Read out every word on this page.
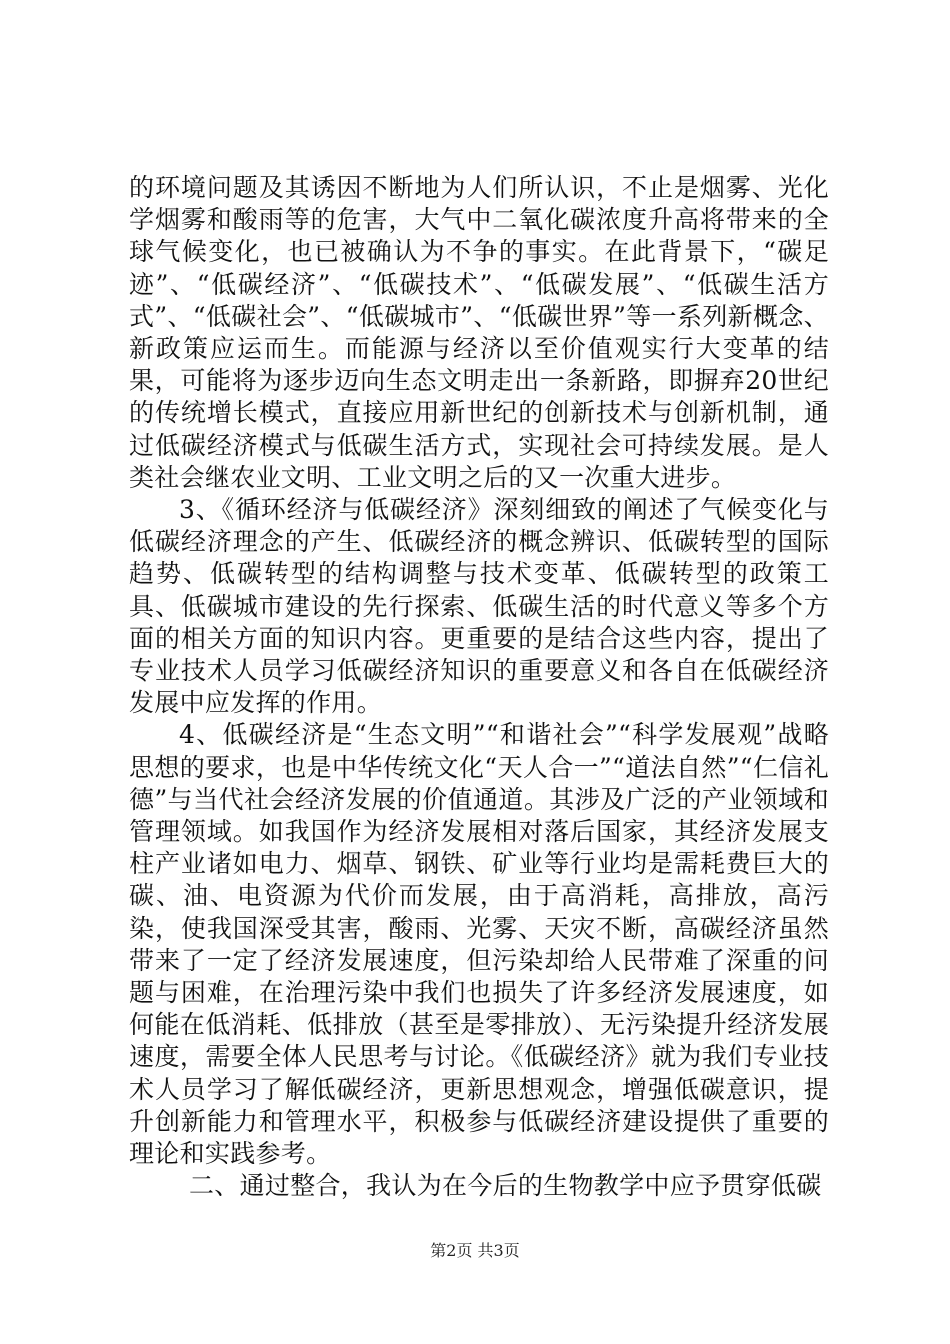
的环境问题及其诱因不断地为人们所认识，不止是烟雾、光化学烟雾和酸雨等的危害，大气中二氧化碳浓度升高将带来的全球气候变化，也已被确认为不争的事实。在此背景下，“碳足迹”、“低碳经济”、“低碳技术”、“低碳发展”、“低碳生活方式”、“低碳社会”、“低碳城市”、“低碳世界”等一系列新概念、新政策应运而生。而能源与经济以至价值观实行大变革的结果，可能将为逐步迈向生态文明走出一条新路，即摒弃20世纪的传统增长模式，直接应用新世纪的创新技术与创新机制，通过低碳经济模式与低碳生活方式，实现社会可持续发展。是人类社会继农业文明、工业文明之后的又一次重大进步。

3、《循环经济与低碳经济》深刻细致的阐述了气候变化与低碳经济理念的产生、低碳经济的概念辨识、低碳转型的国际趋势、低碳转型的结构调整与技术变革、低碳转型的政策工具、低碳城市建设的先行探索、低碳生活的时代意义等多个方面的相关方面的知识内容。更重要的是结合这些内容，提出了专业技术人员学习低碳经济知识的重要意义和各自在低碳经济发展中应发挥的作用。

4、低碳经济是“生态文明”“和谐社会”“科学发展观”战略思想的要求，也是中华传统文化“天人合一”“道法自然”“仁信礼德”与当代社会经济发展的价值通道。其涉及广泛的产业领域和管理领域。如我国作为经济发展相对落后国家，其经济发展支柱产业诸如电力、烟草、钢铁、矿业等行业均是需耗费巨大的碳、油、电资源为代价而发展，由于高消耗，高排放，高污染，使我国深受其害，酸雨、光雾、天灾不断，高碳经济虽然带来了一定了经济发展速度，但污染却给人民带难了深重的问题与困难，在治理污染中我们也损失了许多经济发展速度，如何能在低消耗、低排放（甚至是零排放）、无污染提升经济发展速度，需要全体人民思考与讨论。《低碳经济》就为我们专业技术人员学习了解低碳经济，更新思想观念，增强低碳意识，提升创新能力和管理水平，积极参与低碳经济建设提供了重要的理论和实践参考。

二、通过整合，我认为在今后的生物教学中应予贯穿低碳

第2页 共3页
